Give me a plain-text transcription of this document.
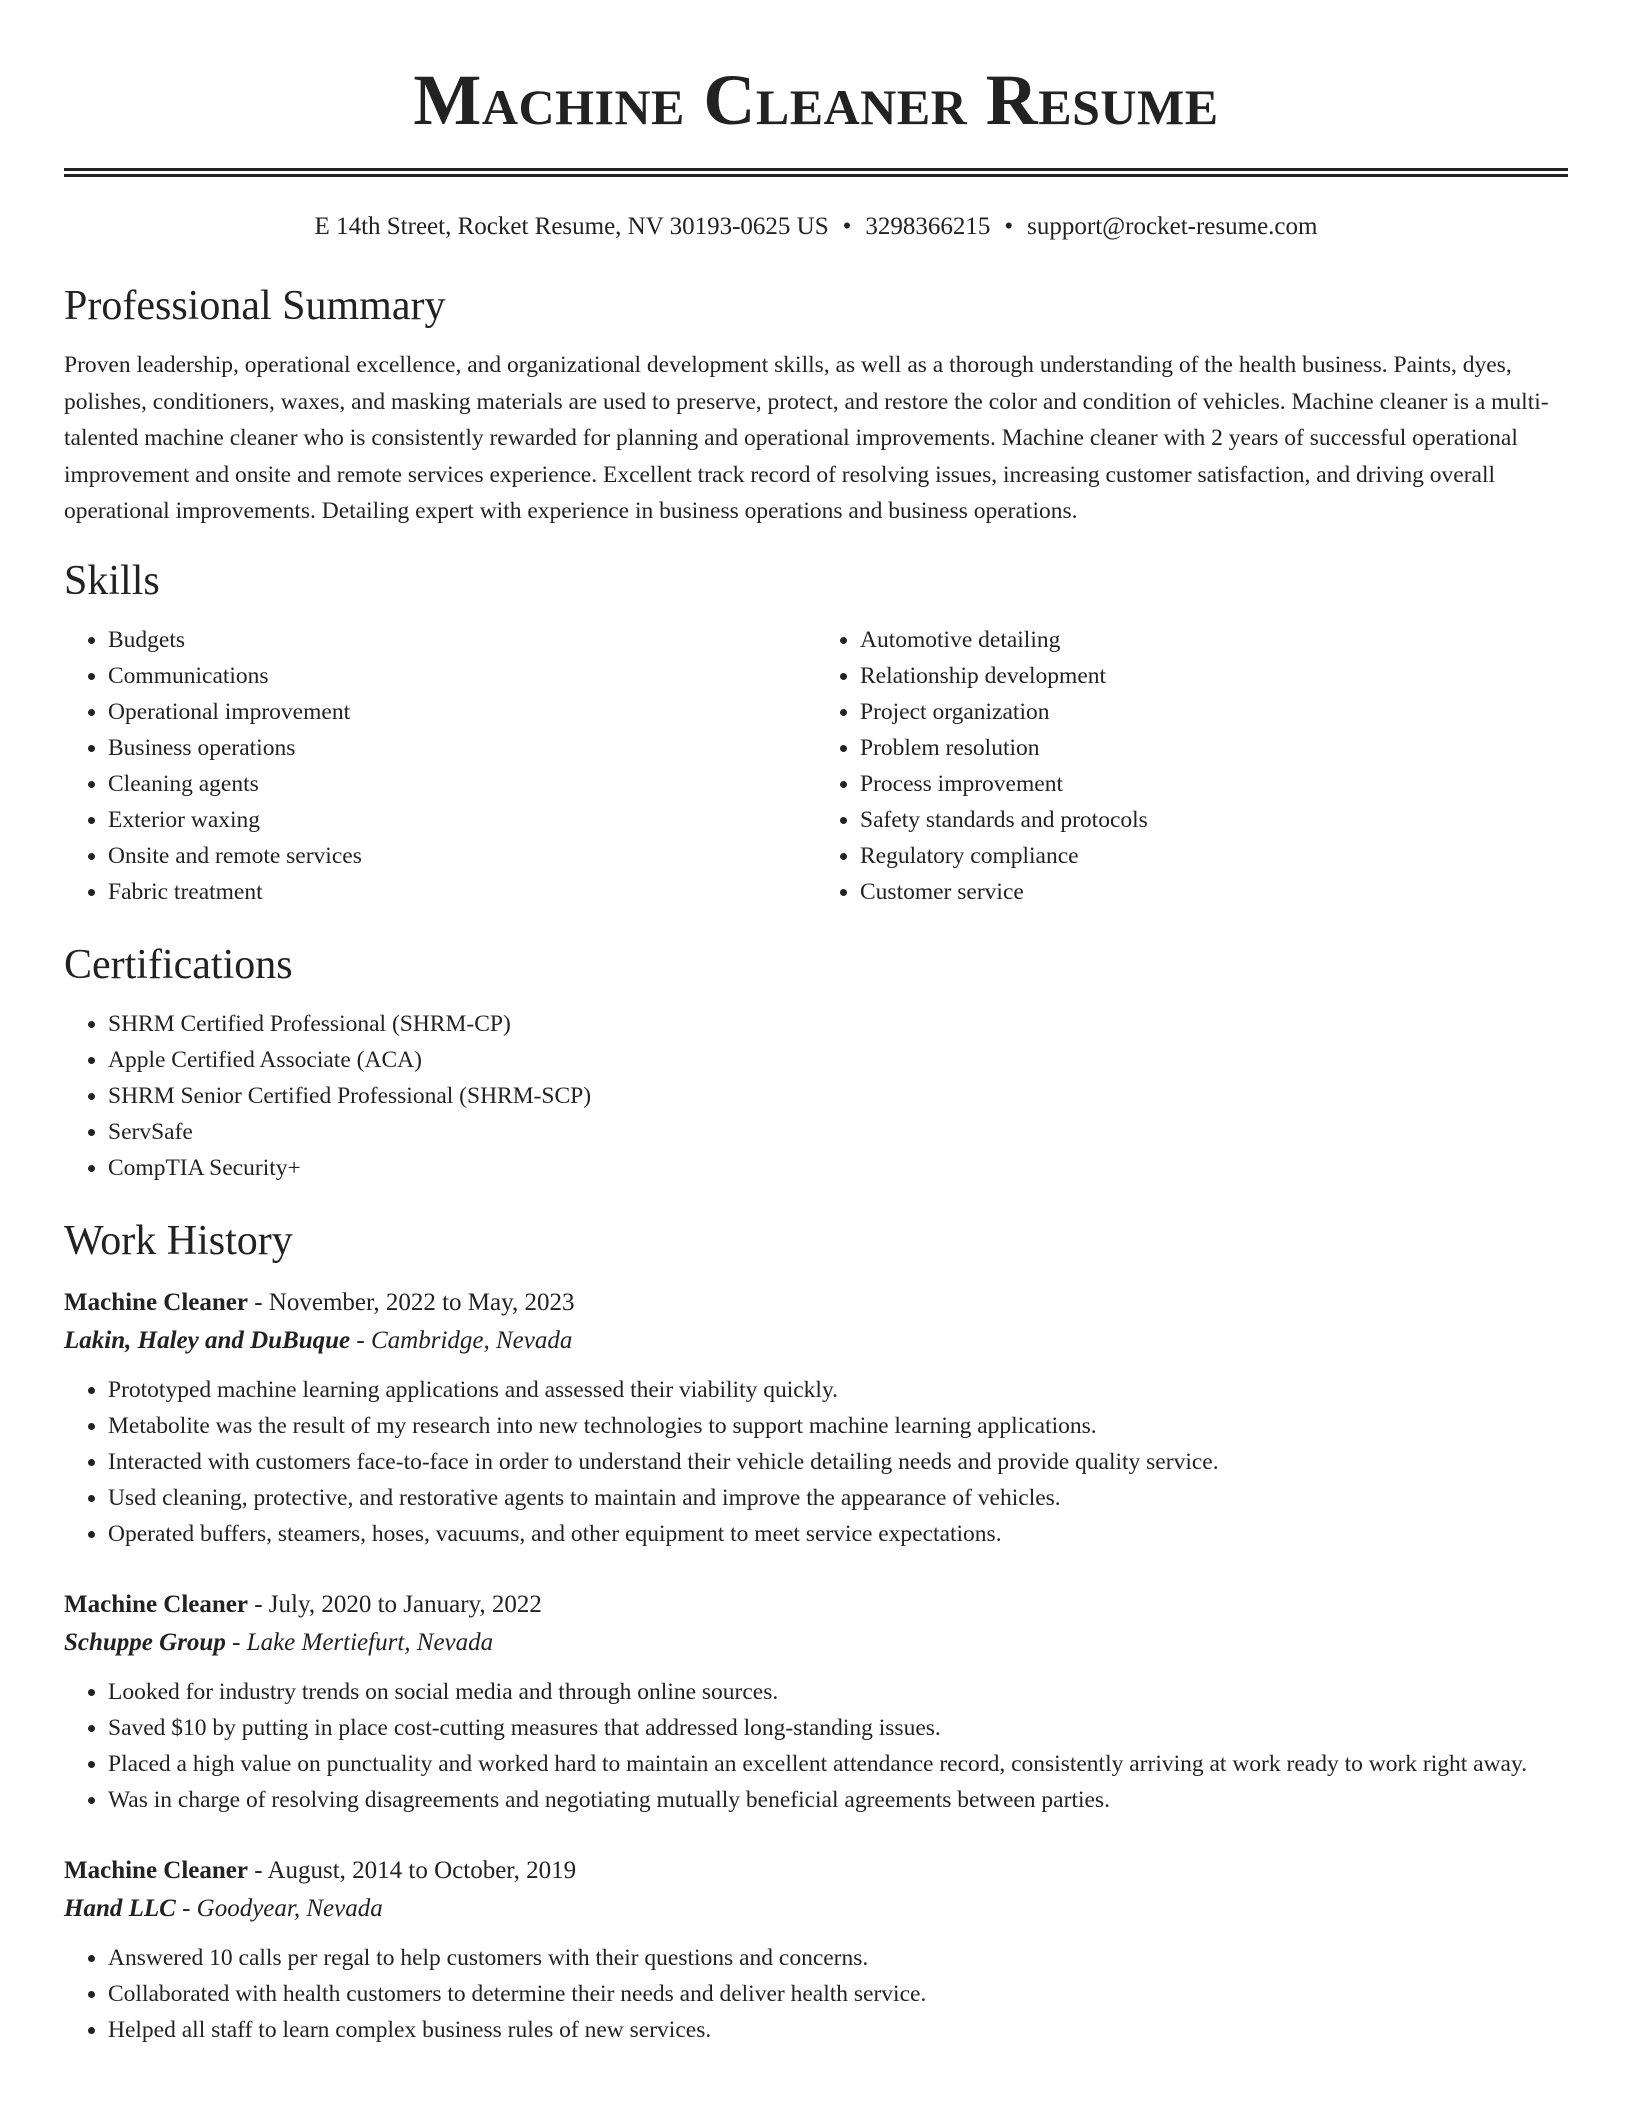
Machine Cleaner Resume
E 14th Street, Rocket Resume, NV 30193-0625 US • 3298366215 • support@rocket-resume.com
Professional Summary

Proven leadership, operational excellence, and organizational development skills, as well as a thorough understanding of the health business. Paints, dyes, polishes, conditioners, waxes, and masking materials are used to preserve, protect, and restore the color and condition of vehicles. Machine cleaner is a multi-talented machine cleaner who is consistently rewarded for planning and operational improvements. Machine cleaner with 2 years of successful operational improvement and onsite and remote services experience. Excellent track record of resolving issues, increasing customer satisfaction, and driving overall operational improvements. Detailing expert with experience in business operations and business operations.

Skills
• Budgets
• Communications
• Operational improvement
• Business operations
• Cleaning agents
• Exterior waxing
• Onsite and remote services
• Fabric treatment
• Automotive detailing
• Relationship development
• Project organization
• Problem resolution
• Process improvement
• Safety standards and protocols
• Regulatory compliance
• Customer service
Certifications
• SHRM Certified Professional (SHRM-CP)
• Apple Certified Associate (ACA)
• SHRM Senior Certified Professional (SHRM-SCP)
• ServSafe
• CompTIA Security+
Work History
Machine Cleaner - November, 2022 to May, 2023
Lakin, Haley and DuBuque - Cambridge, Nevada
• Prototyped machine learning applications and assessed their viability quickly.
• Metabolite was the result of my research into new technologies to support machine learning applications.
• Interacted with customers face-to-face in order to understand their vehicle detailing needs and provide quality service.
• Used cleaning, protective, and restorative agents to maintain and improve the appearance of vehicles.
• Operated buffers, steamers, hoses, vacuums, and other equipment to meet service expectations.
Machine Cleaner - July, 2020 to January, 2022
Schuppe Group - Lake Mertiefurt, Nevada
• Looked for industry trends on social media and through online sources.
• Saved $10 by putting in place cost-cutting measures that addressed long-standing issues.
• Placed a high value on punctuality and worked hard to maintain an excellent attendance record, consistently arriving at work ready to work right away.
• Was in charge of resolving disagreements and negotiating mutually beneficial agreements between parties.
Machine Cleaner - August, 2014 to October, 2019
Hand LLC - Goodyear, Nevada
• Answered 10 calls per regal to help customers with their questions and concerns.
• Collaborated with health customers to determine their needs and deliver health service.
• Helped all staff to learn complex business rules of new services.
